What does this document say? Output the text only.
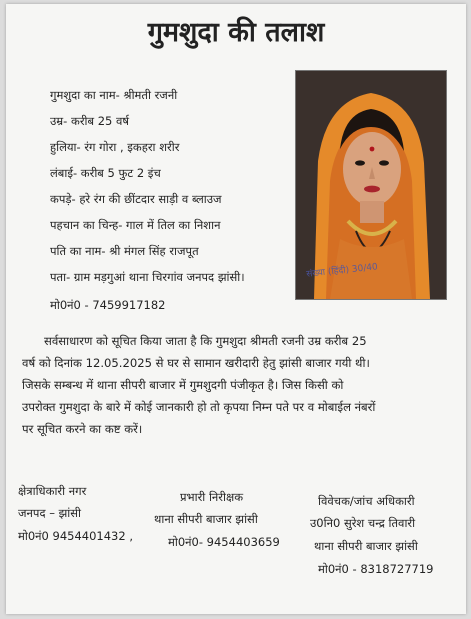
गुमशुदा की तलाश
गुमशुदा का नाम- श्रीमती रजनी
उम्र- करीब 25 वर्ष
हुलिया- रंग गोरा , इकहरा शरीर
लंबाई- करीब 5 फुट 2 इंच
कपड़े- हरे रंग की छींटदार साड़ी व ब्लाउज
पहचान का चिन्ह- गाल में तिल का निशान
पति का नाम- श्री मंगल सिंह राजपूत
पता- ग्राम मड़गुआं थाना चिरगांव जनपद झांसी।
मो0नं0 - 7459917182
संख्या (हिंदी) 30/40
सर्वसाधारण को सूचित किया जाता है कि गुमशुदा श्रीमती रजनी उम्र करीब 25
वर्ष को दिनांक 12.05.2025 से घर से सामान खरीदारी हेतु झांसी बाजार गयी थी।
जिसके सम्बन्ध में थाना सीपरी बाजार में गुमशुदगी पंजीकृत है। जिस किसी को
उपरोक्त गुमशुदा के बारे में कोई जानकारी हो तो कृपया निम्न पते पर व मोबाईल नंबरों
पर सूचित करने का कष्ट करें।
क्षेत्राधिकारी नगर
जनपद – झांसी
मो0नं0 9454401432 ,
प्रभारी निरीक्षक
थाना सीपरी बाजार झांसी
मो0नं0- 9454403659
विवेचक/जांच अधिकारी
उ0नि0 सुरेश चन्द्र तिवारी
थाना सीपरी बाजार झांसी
मो0नं0 - 8318727719
